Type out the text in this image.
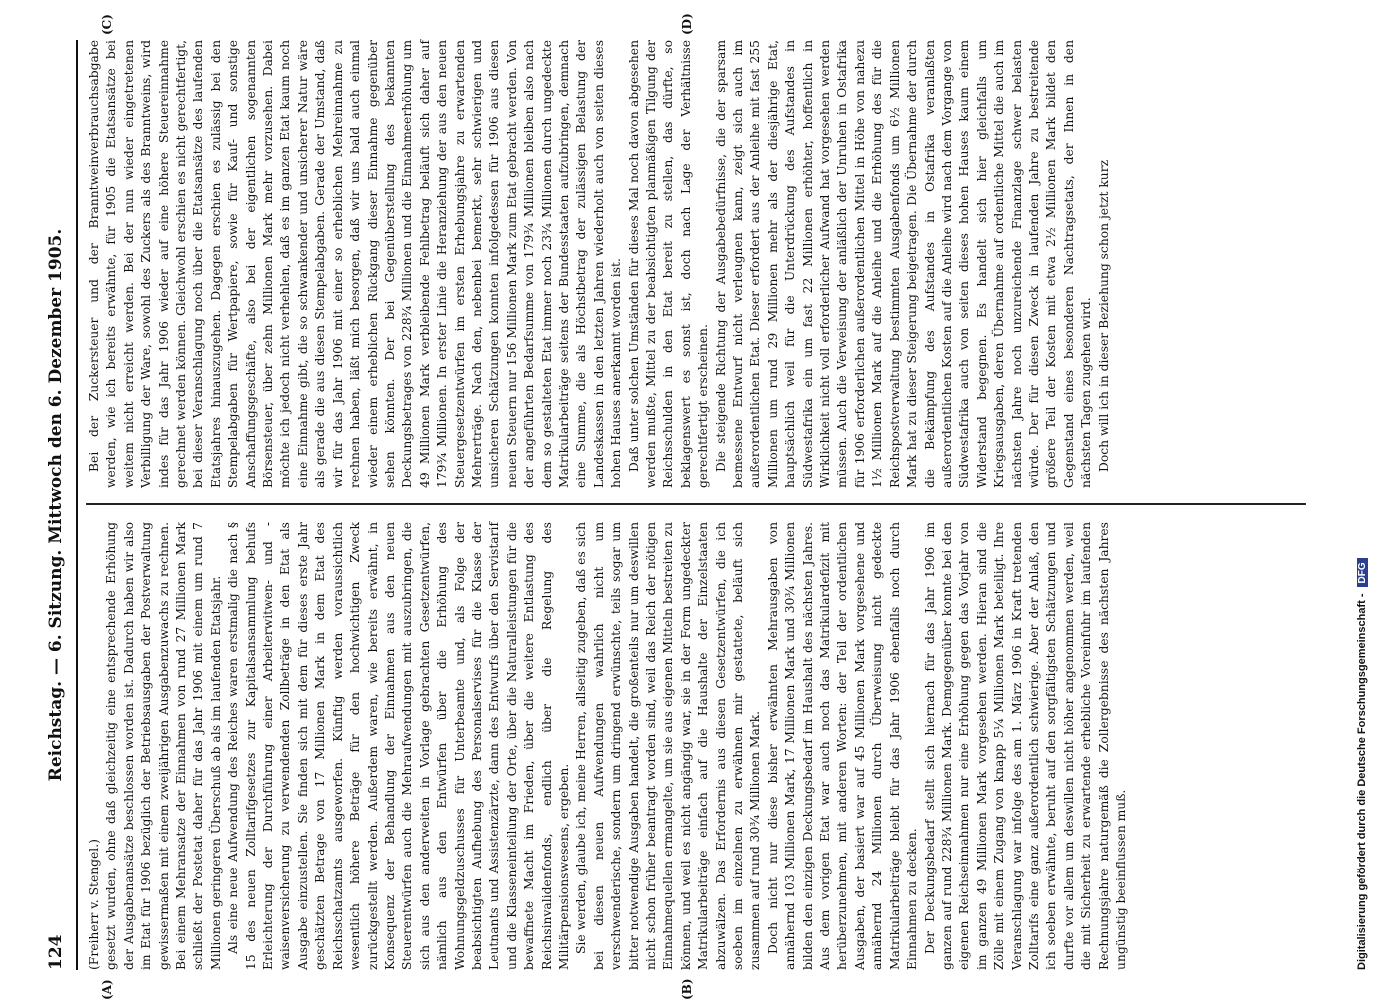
124
Reichstag. — 6. Sitzung. Mittwoch den 6. Dezember 1905.
(A)	(B)
(C)	(D)

(Freiherr v. Stengel.) gesetzt wurden, ohne daß gleichzeitig eine entsprechende Erhöhung der Ausgabenansätze beschlossen worden ist. Dadurch haben wir also im Etat für 1906 bezüglich der Betriebsausgaben der Postverwaltung gewissermaßen mit einem zweijährigen Ausgabenzuwachs zu rechnen. Bei einem Mehransatze der Einnahmen von rund 27 Millionen Mark schließt der Postetat daher für das Jahr 1906 mit einem um rund 7 Millionen geringeren Überschuß ab als im laufenden Etatsjahr. Als eine neue Aufwendung des Reiches waren erstmalig die nach § 15 des neuen Zolltarifgesetzes zur Kapitalsansammlung behufs Erleichterung der Durchführung einer Arbeiterwitwen- und -waisenversicherung zu verwendenden Zollbeträge in den Etat als Ausgabe einzustellen. Sie finden sich mit dem für dieses erste Jahr geschätzten Betrage von 17 Millionen Mark in dem Etat des Reichsschatzamts ausgeworfen. Künftig werden voraussichtlich wesentlich höhere Beträge für den hochwichtigen Zweck zurückgestellt werden. Außerdem waren, wie bereits erwähnt, in Konsequenz der Behandlung der Einnahmen aus den neuen Steuerentwürfen auch die Mehraufwendungen mit auszubringen, die sich aus den anderweiten in Vorlage gebrachten Gesetzentwürfen, nämlich aus den Entwürfen über die Erhöhung des Wohnungsgeldzuschusses für Unterbeamte und, als Folge der beabsichtigten Aufhebung des Personalservises für die Klasse der Leutnants und Assistenzärzte, dann des Entwurfs über den Servistarif und die Klasseneinteilung der Orte, über die Naturalleistungen für die bewaffnete Macht im Frieden, über die weitere Entlastung des Reichsinvalidenfonds, endlich über die Regelung des Militärpensionswesens, ergeben. Sie werden, glaube ich, meine Herren, allseitig zugeben, daß es sich bei diesen neuen Aufwendungen wahrlich nicht um verschwenderische, sondern um dringend erwünschte, teils sogar um bitter notwendige Ausgaben handelt, die großenteils nur um deswillen nicht schon früher beantragt worden sind, weil das Reich der nötigen Einnahmequellen ermangelte, um sie aus eigenen Mitteln bestreiten zu können, und weil es nicht angängig war, sie in der Form ungedeckter Matrikularbeiträge einfach auf die Haushalte der Einzelstaaten abzuwälzen. Das Erfordernis aus diesen Gesetzentwürfen, die ich soeben im einzelnen zu erwähnen mir gestattete, beläuft sich zusammen auf rund 30¾ Millionen Mark. Doch nicht nur diese bisher erwähnten Mehrausgaben von annähernd 103 Millionen Mark, 17 Millionen Mark und 30¾ Millionen bilden den einzigen Deckungsbedarf im Haushalt des nächsten Jahres. Aus dem vorigen Etat war auch noch das Matrikulardefizit mit herüberzunehmen, mit anderen Worten: der Teil der ordentlichen Ausgaben, der basiert war auf 45 Millionen Mark vorgesehene und annähernd 24 Millionen durch Überweisung nicht gedeckte Matrikularbeiträge bleibt für das Jahr 1906 ebenfalls noch durch Einnahmen zu decken. Der Deckungsbedarf stellt sich hiernach für das Jahr 1906 im ganzen auf rund 228¾ Millionen Mark. Demgegenüber konnte bei den eigenen Reichseinnahmen nur eine Erhöhung gegen das Vorjahr von im ganzen 49 Millionen Mark vorgesehen werden. Hieran sind die Zölle mit einem Zugang von knapp 5¼ Millionen Mark beteiligt. Ihre Veranschlagung war infolge des am 1. März 1906 in Kraft tretenden Zolltarifs eine ganz außerordentlich schwierige. Aber der Anlaß, den ich soeben erwähnte, beruht auf den sorgfältigsten Schätzungen und durfte vor allem um deswillen nicht höher angenommen werden, weil die mit Sicherheit zu erwartende erhebliche Voreinfuhr im laufenden Rechnungsjahre naturgemäß die Zollergebnisse des nächsten Jahres ungünstig beeinflussen muß.

Bei der Zuckersteuer und der Branntweinverbrauchsabgabe werden, wie ich bereits erwähnte, für 1905 die Etatsansätze bei weitem nicht erreicht werden. Bei der nun wieder eingetretenen Verbilligung der Ware, sowohl des Zuckers als des Branntweins, wird indes für das Jahr 1906 wieder auf eine höhere Steuereinnahme gerechnet werden können. Gleichwohl erschien es nicht gerechtfertigt, bei dieser Veranschlagung noch über die Etatsansätze des laufenden Etatsjahres hinauszugehen. Dagegen erschien es zulässig bei den Stempelabgaben für Wertpapiere, sowie für Kauf- und sonstige Anschaffungsgeschäfte, also bei der eigentlichen sogenannten Börsensteuer, über zehn Millionen Mark mehr vorzusehen. Dabei möchte ich jedoch nicht verhehlen, daß es im ganzen Etat kaum noch eine Einnahme gibt, die so schwankender und unsicherer Natur wäre als gerade die aus diesen Stempelabgaben. Gerade der Umstand, daß wir für das Jahr 1906 mit einer so erheblichen Mehreinnahme zu rechnen haben, läßt mich besorgen, daß wir uns bald auch einmal wieder einem erheblichen Rückgang dieser Einnahme gegenüber sehen könnten. Der bei Gegenüberstellung des bekannten Deckungsbetrages von 228¾ Millionen und die Einnahmeerhöhung um 49 Millionen Mark verbleibende Fehlbetrag beläuft sich daher auf 179¾ Millionen. In erster Linie die Heranziehung der aus den neuen Steuergesetzentwürfen im ersten Erhebungsjahre zu erwartenden Mehrerträge. Nach den, nebenbei bemerkt, sehr schwierigen und unsicheren Schätzungen konnten infolgedessen für 1906 aus diesen neuen Steuern nur 156 Millionen Mark zum Etat gebracht werden. Von der angeführten Bedarfsumme von 179¾ Millionen bleiben also nach dem so gestalteten Etat immer noch 23¾ Millionen durch ungedeckte Matrikularbeiträge seitens der Bundesstaaten aufzubringen, demnach eine Summe, die als Höchstbetrag der zulässigen Belastung der Landeskassen in den letzten Jahren wiederholt auch von seiten dieses hohen Hauses anerkannt worden ist. Daß unter solchen Umständen für dieses Mal noch davon abgesehen werden mußte, Mittel zu der beabsichtigten planmäßigen Tilgung der Reichsschulden in den Etat bereit zu stellen, das dürfte, so beklagenswert es sonst ist, doch nach Lage der Verhältnisse gerechtfertigt erscheinen. Die steigende Richtung der Ausgabebedürfnisse, die der sparsam bemessene Entwurf nicht verleugnen kann, zeigt sich auch im außerordentlichen Etat. Dieser erfordert aus der Anleihe mit fast 255 Millionen um rund 29 Millionen mehr als der diesjährige Etat, hauptsächlich weil für die Unterdrückung des Aufstandes in Südwestafrika ein um fast 22 Millionen erhöhter, hoffentlich in Wirklichkeit nicht voll erforderlicher Aufwand hat vorgesehen werden müssen. Auch die Verweisung der anläßlich der Unruhen in Ostafrika für 1906 erforderlichen außerordentlichen Mittel in Höhe von nahezu 1½ Millionen Mark auf die Anleihe und die Erhöhung des für die Reichspostverwaltung bestimmten Ausgabenfonds um 6½ Millionen Mark hat zu dieser Steigerung beigetragen. Die Übernahme der durch die Bekämpfung des Aufstandes in Ostafrika veranlaßten außerordentlichen Kosten auf die Anleihe wird nach dem Vorgange von Südwestafrika auch von seiten dieses hohen Hauses kaum einem Widerstand begegnen. Es handelt sich hier gleichfalls um Kriegsausgaben, deren Übernahme auf ordentliche Mittel die auch im nächsten Jahre noch unzureichende Finanzlage schwer belasten würde. Der für diesen Zweck in laufenden Jahre zu bestreitende größere Teil der Kosten mit etwa 2½ Millionen Mark bildet den Gegenstand eines besonderen Nachtragsetats, der Ihnen in den nächsten Tagen zugehen wird. Doch will ich in dieser Beziehung schon jetzt kurz

Digitalisierung gefördert durch die Deutsche Forschungsgemeinschaft -DFG
